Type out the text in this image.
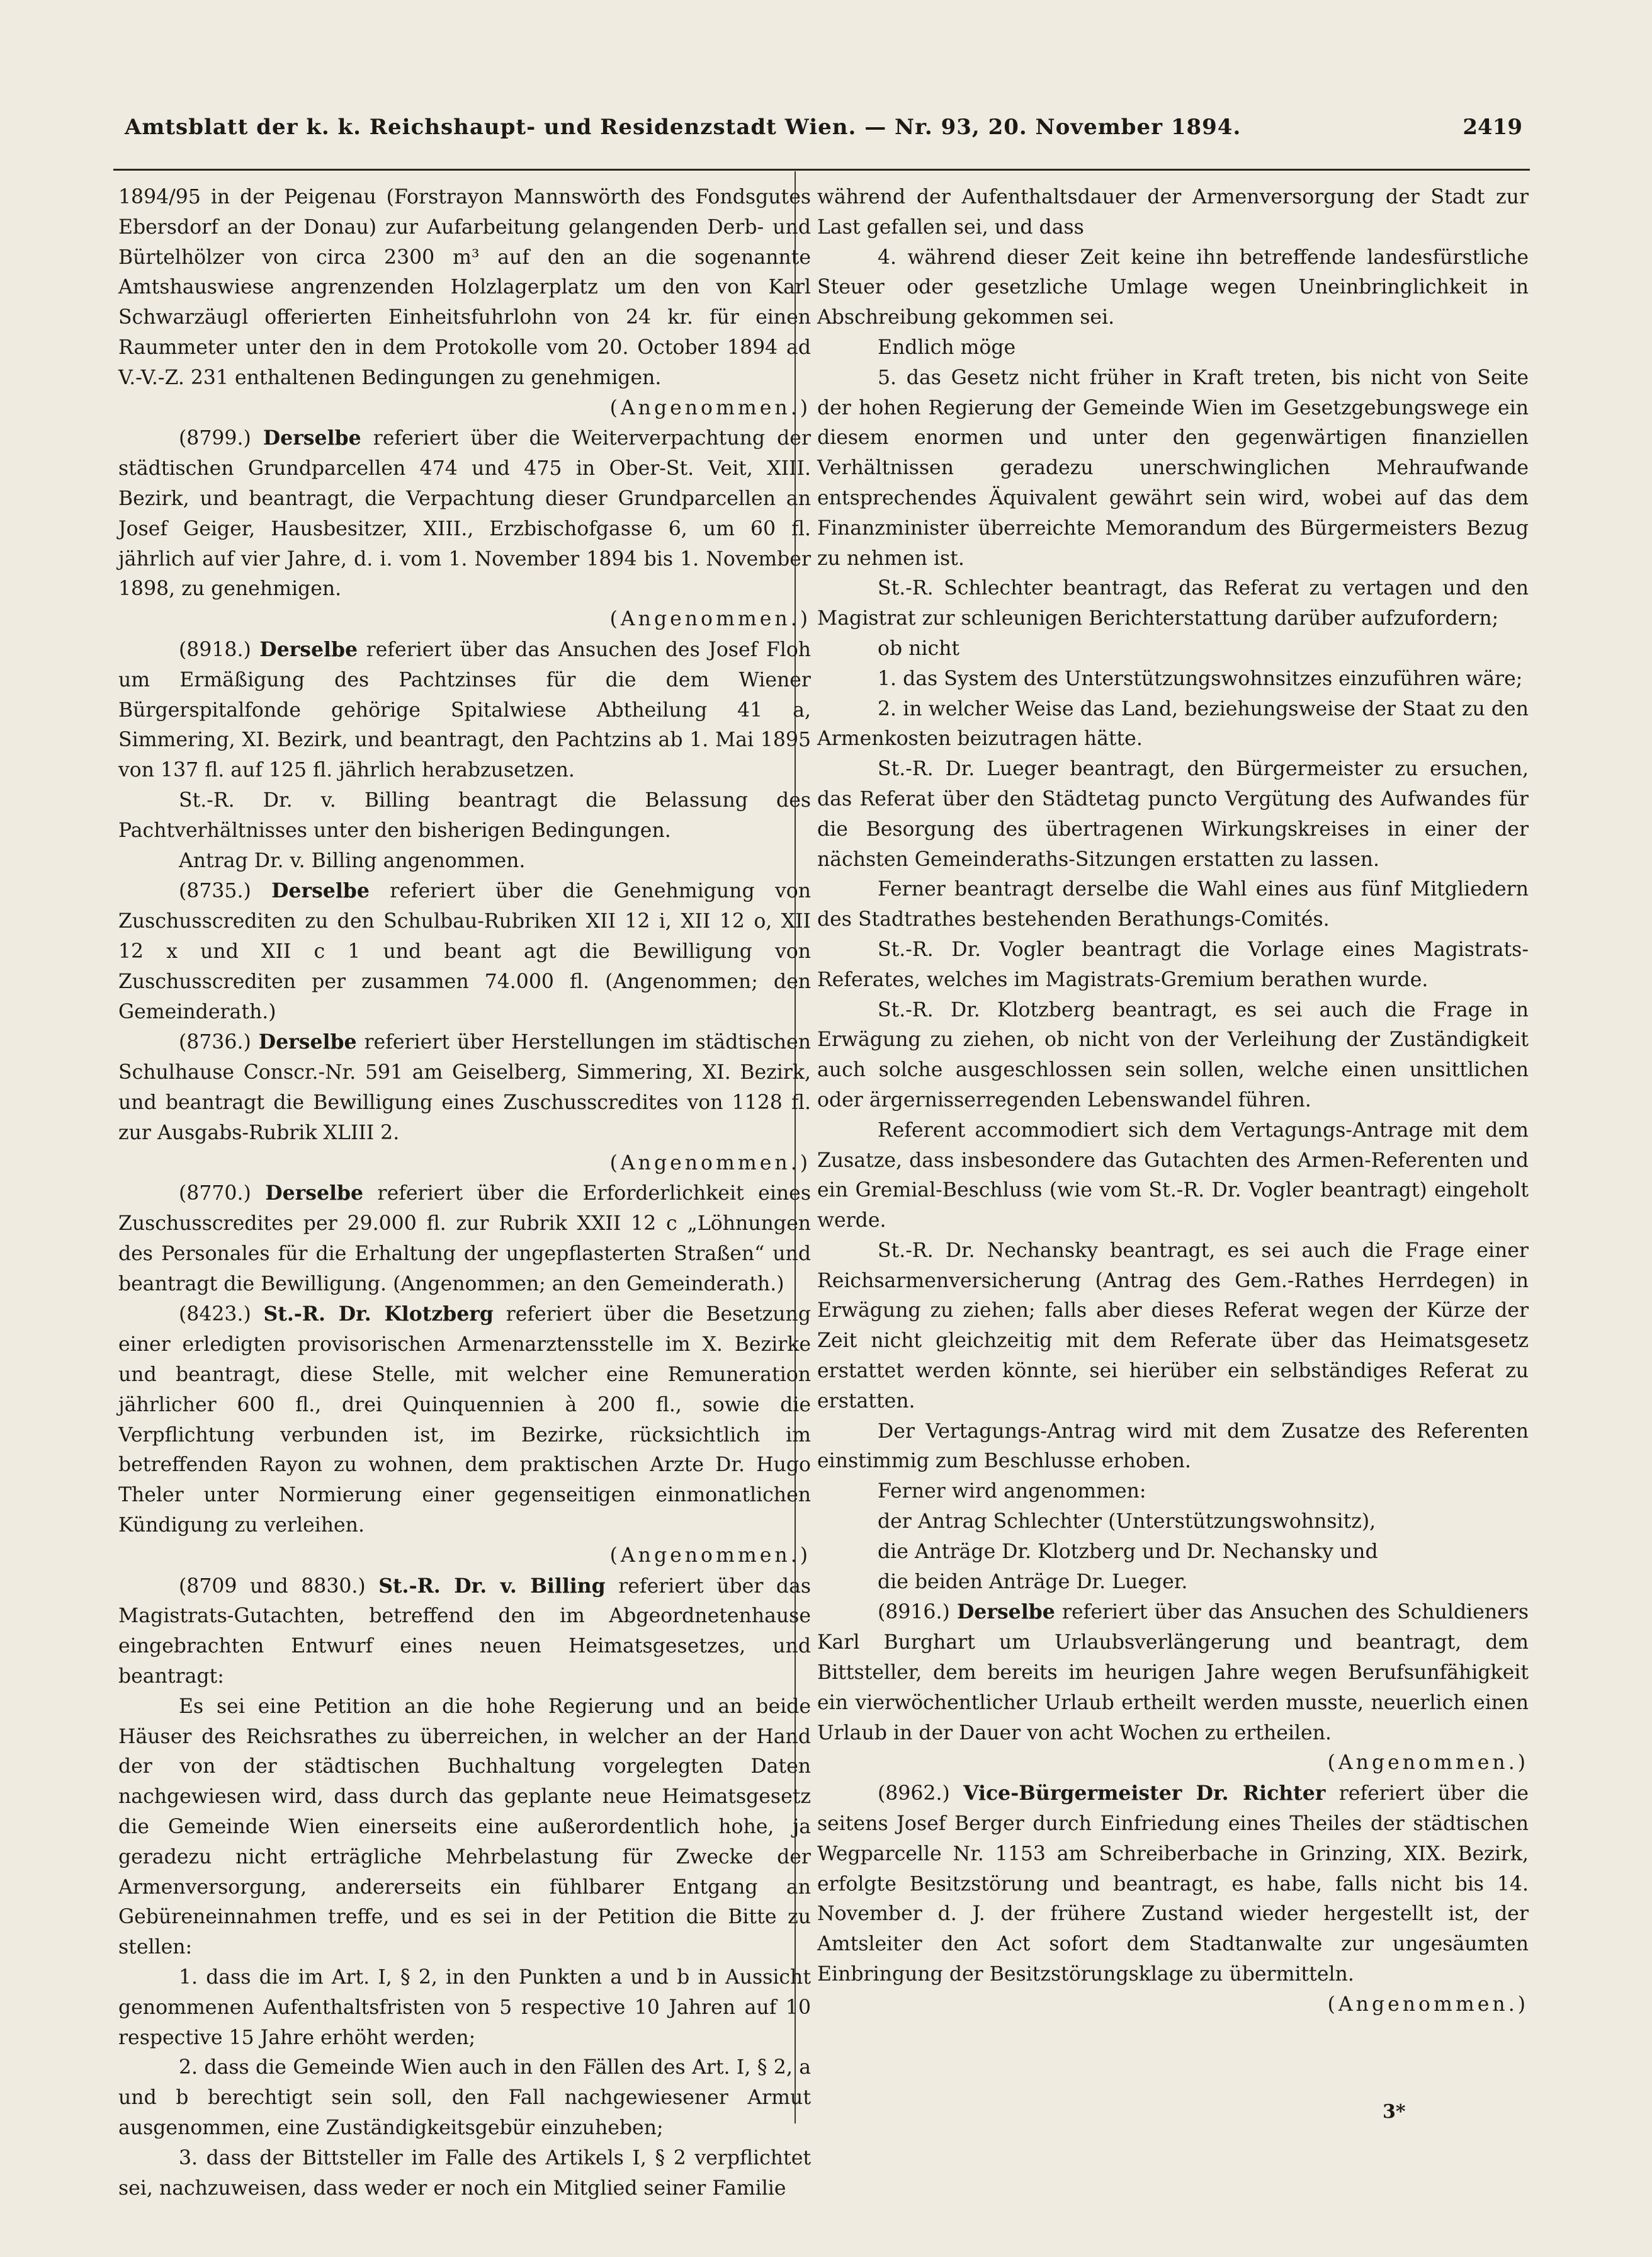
Amtsblatt der k. k. Reichshaupt- und Residenzstadt Wien. — Nr. 93, 20. November 1894.	2419

1894/95 in der Peigenau (Forstrayon Mannswörth des Fondsgutes Ebersdorf an der Donau) zur Aufarbeitung gelangenden Derb- und Bürtelhölzer von circa 2300 m³ auf den an die sogenannte Amtshauswiese angrenzenden Holzlagerplatz um den von Karl Schwarzäugl offerierten Einheitsfuhrlohn von 24 kr. für einen Raummeter unter den in dem Protokolle vom 20. October 1894 ad V.-V.-Z. 231 enthaltenen Bedingungen zu genehmigen.

(Angenommen.)

(8799.) Derselbe referiert über die Weiterverpachtung der städtischen Grundparcellen 474 und 475 in Ober-St. Veit, XIII. Bezirk, und beantragt, die Verpachtung dieser Grundparcellen an Josef Geiger, Hausbesitzer, XIII., Erzbischofgasse 6, um 60 fl. jährlich auf vier Jahre, d. i. vom 1. November 1894 bis 1. November 1898, zu genehmigen.

(Angenommen.)

(8918.) Derselbe referiert über das Ansuchen des Josef Floh um Ermäßigung des Pachtzinses für die dem Wiener Bürgerspitalfonde gehörige Spitalwiese Abtheilung 41 a, Simmering, XI. Bezirk, und beantragt, den Pachtzins ab 1. Mai 1895 von 137 fl. auf 125 fl. jährlich herabzusetzen.

St.-R. Dr. v. Billing beantragt die Belassung des Pachtverhältnisses unter den bisherigen Bedingungen.

Antrag Dr. v. Billing angenommen.

(8735.) Derselbe referiert über die Genehmigung von Zuschusscrediten zu den Schulbau-Rubriken XII 12 i, XII 12 o, XII 12 x und XII c 1 und beant agt die Bewilligung von Zuschusscrediten per zusammen 74.000 fl. (Angenommen; den Gemeinderath.)

(8736.) Derselbe referiert über Herstellungen im städtischen Schulhause Conscr.-Nr. 591 am Geiselberg, Simmering, XI. Bezirk, und beantragt die Bewilligung eines Zuschusscredites von 1128 fl. zur Ausgabs-Rubrik XLIII 2.

(Angenommen.)

(8770.) Derselbe referiert über die Erforderlichkeit eines Zuschusscredites per 29.000 fl. zur Rubrik XXII 12 c „Löhnungen des Personales für die Erhaltung der ungepflasterten Straßen“ und beantragt die Bewilligung. (Angenommen; an den Gemeinderath.)

(8423.) St.-R. Dr. Klotzberg referiert über die Besetzung einer erledigten provisorischen Armenarztensstelle im X. Bezirke und beantragt, diese Stelle, mit welcher eine Remuneration jährlicher 600 fl., drei Quinquennien à 200 fl., sowie die Verpflichtung verbunden ist, im Bezirke, rücksichtlich im betreffenden Rayon zu wohnen, dem praktischen Arzte Dr. Hugo Theler unter Normierung einer gegenseitigen einmonatlichen Kündigung zu verleihen.

(Angenommen.)

(8709 und 8830.) St.-R. Dr. v. Billing referiert über das Magistrats-Gutachten, betreffend den im Abgeordnetenhause eingebrachten Entwurf eines neuen Heimatsgesetzes, und beantragt:

Es sei eine Petition an die hohe Regierung und an beide Häuser des Reichsrathes zu überreichen, in welcher an der Hand der von der städtischen Buchhaltung vorgelegten Daten nachgewiesen wird, dass durch das geplante neue Heimatsgesetz die Gemeinde Wien einerseits eine außerordentlich hohe, ja geradezu nicht erträgliche Mehrbelastung für Zwecke der Armenversorgung, andererseits ein fühlbarer Entgang an Gebüreneinnahmen treffe, und es sei in der Petition die Bitte zu stellen:

1. dass die im Art. I, § 2, in den Punkten a und b in Aussicht genommenen Aufenthaltsfristen von 5 respective 10 Jahren auf 10 respective 15 Jahre erhöht werden;

2. dass die Gemeinde Wien auch in den Fällen des Art. I, § 2, a und b berechtigt sein soll, den Fall nachgewiesener Armut ausgenommen, eine Zuständigkeitsgebür einzuheben;

3. dass der Bittsteller im Falle des Artikels I, § 2 verpflichtet sei, nachzuweisen, dass weder er noch ein Mitglied seiner Familie

während der Aufenthaltsdauer der Armenversorgung der Stadt zur Last gefallen sei, und dass

4. während dieser Zeit keine ihn betreffende landesfürstliche Steuer oder gesetzliche Umlage wegen Uneinbringlichkeit in Abschreibung gekommen sei.

Endlich möge

5. das Gesetz nicht früher in Kraft treten, bis nicht von Seite der hohen Regierung der Gemeinde Wien im Gesetzgebungswege ein diesem enormen und unter den gegenwärtigen finanziellen Verhältnissen geradezu unerschwinglichen Mehraufwande entsprechendes Äquivalent gewährt sein wird, wobei auf das dem Finanzminister überreichte Memorandum des Bürgermeisters Bezug zu nehmen ist.

St.-R. Schlechter beantragt, das Referat zu vertagen und den Magistrat zur schleunigen Berichterstattung darüber aufzufordern;

ob nicht

1. das System des Unterstützungswohnsitzes einzuführen wäre;

2. in welcher Weise das Land, beziehungsweise der Staat zu den Armenkosten beizutragen hätte.

St.-R. Dr. Lueger beantragt, den Bürgermeister zu ersuchen, das Referat über den Städtetag puncto Vergütung des Aufwandes für die Besorgung des übertragenen Wirkungskreises in einer der nächsten Gemeinderaths-Sitzungen erstatten zu lassen.

Ferner beantragt derselbe die Wahl eines aus fünf Mitgliedern des Stadtrathes bestehenden Berathungs-Comités.

St.-R. Dr. Vogler beantragt die Vorlage eines Magistrats-Referates, welches im Magistrats-Gremium berathen wurde.

St.-R. Dr. Klotzberg beantragt, es sei auch die Frage in Erwägung zu ziehen, ob nicht von der Verleihung der Zuständigkeit auch solche ausgeschlossen sein sollen, welche einen unsittlichen oder ärgernisserregenden Lebenswandel führen.

Referent accommodiert sich dem Vertagungs-Antrage mit dem Zusatze, dass insbesondere das Gutachten des Armen-Referenten und ein Gremial-Beschluss (wie vom St.-R. Dr. Vogler beantragt) eingeholt werde.

St.-R. Dr. Nechansky beantragt, es sei auch die Frage einer Reichsarmenversicherung (Antrag des Gem.-Rathes Herrdegen) in Erwägung zu ziehen; falls aber dieses Referat wegen der Kürze der Zeit nicht gleichzeitig mit dem Referate über das Heimatsgesetz erstattet werden könnte, sei hierüber ein selbständiges Referat zu erstatten.

Der Vertagungs-Antrag wird mit dem Zusatze des Referenten einstimmig zum Beschlusse erhoben.

Ferner wird angenommen:

der Antrag Schlechter (Unterstützungswohnsitz),

die Anträge Dr. Klotzberg und Dr. Nechansky und

die beiden Anträge Dr. Lueger.

(8916.) Derselbe referiert über das Ansuchen des Schuldieners Karl Burghart um Urlaubsverlängerung und beantragt, dem Bittsteller, dem bereits im heurigen Jahre wegen Berufsunfähigkeit ein vierwöchentlicher Urlaub ertheilt werden musste, neuerlich einen Urlaub in der Dauer von acht Wochen zu ertheilen.

(Angenommen.)

(8962.) Vice-Bürgermeister Dr. Richter referiert über die seitens Josef Berger durch Einfriedung eines Theiles der städtischen Wegparcelle Nr. 1153 am Schreiberbache in Grinzing, XIX. Bezirk, erfolgte Besitzstörung und beantragt, es habe, falls nicht bis 14. November d. J. der frühere Zustand wieder hergestellt ist, der Amtsleiter den Act sofort dem Stadtanwalte zur ungesäumten Einbringung der Besitzstörungsklage zu übermitteln.

(Angenommen.)

3*
